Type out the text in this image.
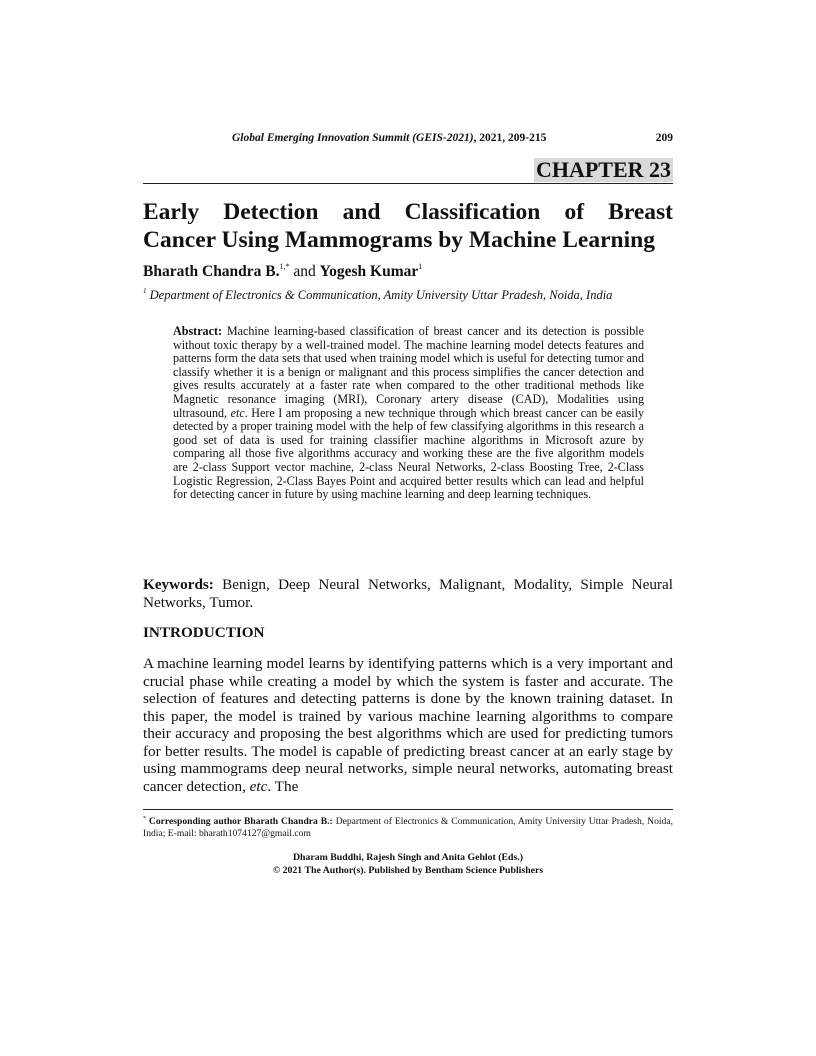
Global Emerging Innovation Summit (GEIS-2021), 2021, 209-215	209
CHAPTER 23
Early Detection and Classification of Breast
Cancer Using Mammograms by Machine Learning
Bharath Chandra B.$^{1,*}$ and Yogesh Kumar$^1$
$^1$ Department of Electronics & Communication, Amity University Uttar Pradesh, Noida, India
Abstract: Machine learning-based classification of breast cancer and its detection is possible without toxic therapy by a well-trained model. The machine learning model detects features and patterns form the data sets that used when training model which is useful for detecting tumor and classify whether it is a benign or malignant and this process simplifies the cancer detection and gives results accurately at a faster rate when compared to the other traditional methods like Magnetic resonance imaging (MRI), Coronary artery disease (CAD), Modalities using ultrasound, etc. Here I am proposing a new technique through which breast cancer can be easily detected by a proper training model with the help of few classifying algorithms in this research a good set of data is used for training classifier machine algorithms in Microsoft azure by comparing all those five algorithms accuracy and working these are the five algorithm models are 2-class Support vector machine, 2-class Neural Networks, 2-class Boosting Tree, 2-Class Logistic Regression, 2-Class Bayes Point and acquired better results which can lead and helpful for detecting cancer in future by using machine learning and deep learning techniques.
Keywords: Benign, Deep Neural Networks, Malignant, Modality, Simple Neural Networks, Tumor.
INTRODUCTION
A machine learning model learns by identifying patterns which is a very important and crucial phase while creating a model by which the system is faster and accurate. The selection of features and detecting patterns is done by the known training dataset. In this paper, the model is trained by various machine learning algorithms to compare their accuracy and proposing the best algorithms which are used for predicting tumors for better results. The model is capable of predicting breast cancer at an early stage by using mammograms deep neural networks, simple neural networks, automating breast cancer detection, etc. The
* Corresponding author Bharath Chandra B.: Department of Electronics & Communication, Amity University Uttar Pradesh, Noida, India; E-mail: bharath1074127@gmail.com
Dharam Buddhi, Rajesh Singh and Anita Gehlot (Eds.)
© 2021 The Author(s). Published by Bentham Science Publishers
